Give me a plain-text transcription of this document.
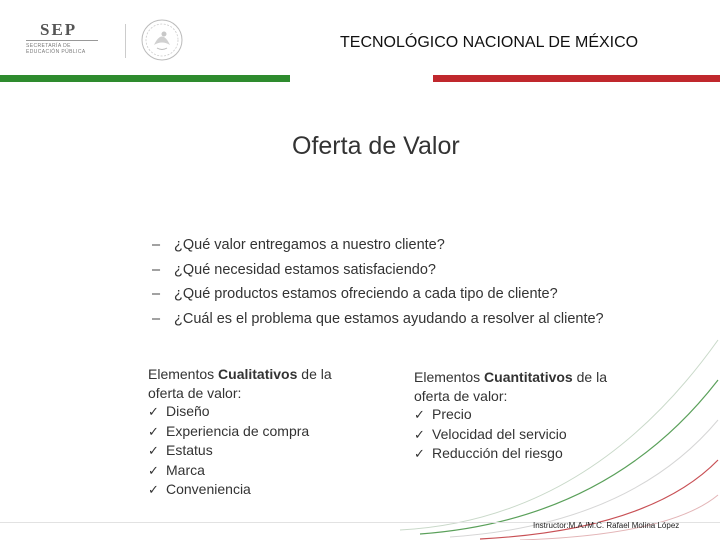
SEP
SECRETARÍA DE
EDUCACIÓN PÚBLICA
TECNOLÓGICO NACIONAL DE MÉXICO
Oferta de Valor
– ¿Qué valor entregamos a nuestro cliente?
– ¿Qué necesidad estamos satisfaciendo?
– ¿Qué productos estamos ofreciendo a cada tipo de cliente?
– ¿Cuál es el problema que estamos ayudando a resolver al cliente?
Elementos Cualitativos de la
oferta de valor:
✓ Diseño
✓ Experiencia de compra
✓ Estatus
✓ Marca
✓ Conveniencia
Elementos Cuantitativos de la
oferta de valor:
✓ Precio
✓ Velocidad del servicio
✓ Reducción del riesgo
Instructor:M.A./M.C. Rafael Molina López
